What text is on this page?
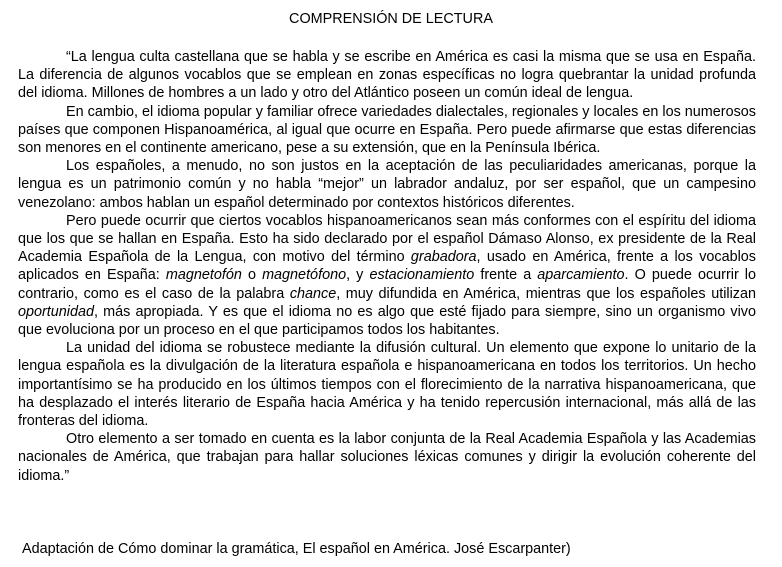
COMPRENSIÓN DE LECTURA

“La lengua culta castellana que se habla y se escribe en América es casi la misma que se usa en España. La diferencia de algunos vocablos que se emplean en zonas específicas no logra quebrantar la unidad profunda del idioma. Millones de hombres a un lado y otro del Atlántico poseen un común ideal de lengua.

En cambio, el idioma popular y familiar ofrece variedades dialectales, regionales y locales en los numerosos países que componen Hispanoamérica, al igual que ocurre en España. Pero puede afirmarse que estas diferencias son menores en el continente americano, pese a su extensión, que en la Península Ibérica.

Los españoles, a menudo, no son justos en la aceptación de las peculiaridades americanas, porque la lengua es un patrimonio común y no habla “mejor” un labrador andaluz, por ser español, que un campesino venezolano: ambos hablan un español determinado por contextos históricos diferentes.

Pero puede ocurrir que ciertos vocablos hispanoamericanos sean más conformes con el espíritu del idioma que los que se hallan en España. Esto ha sido declarado por el español Dámaso Alonso, ex presidente de la Real Academia Española de la Lengua, con motivo del término grabadora, usado en América, frente a los vocablos aplicados en España: magnetofón o magnetófono, y estacionamiento frente a aparcamiento. O puede ocurrir lo contrario, como es el caso de la palabra chance, muy difundida en América, mientras que los españoles utilizan oportunidad, más apropiada. Y es que el idioma no es algo que esté fijado para siempre, sino un organismo vivo que evoluciona por un proceso en el que participamos todos los habitantes.

La unidad del idioma se robustece mediante la difusión cultural. Un elemento que expone lo unitario de la lengua española es la divulgación de la literatura española e hispanoamericana en todos los territorios. Un hecho importantísimo se ha producido en los últimos tiempos con el florecimiento de la narrativa hispanoamericana, que ha desplazado el interés literario de España hacia América y ha tenido repercusión internacional, más allá de las fronteras del idioma.

Otro elemento a ser tomado en cuenta es la labor conjunta de la Real Academia Española y las Academias nacionales de América, que trabajan para hallar soluciones léxicas comunes y dirigir la evolución coherente del idioma.”

Adaptación de Cómo dominar la gramática, El español en América. José Escarpanter)
